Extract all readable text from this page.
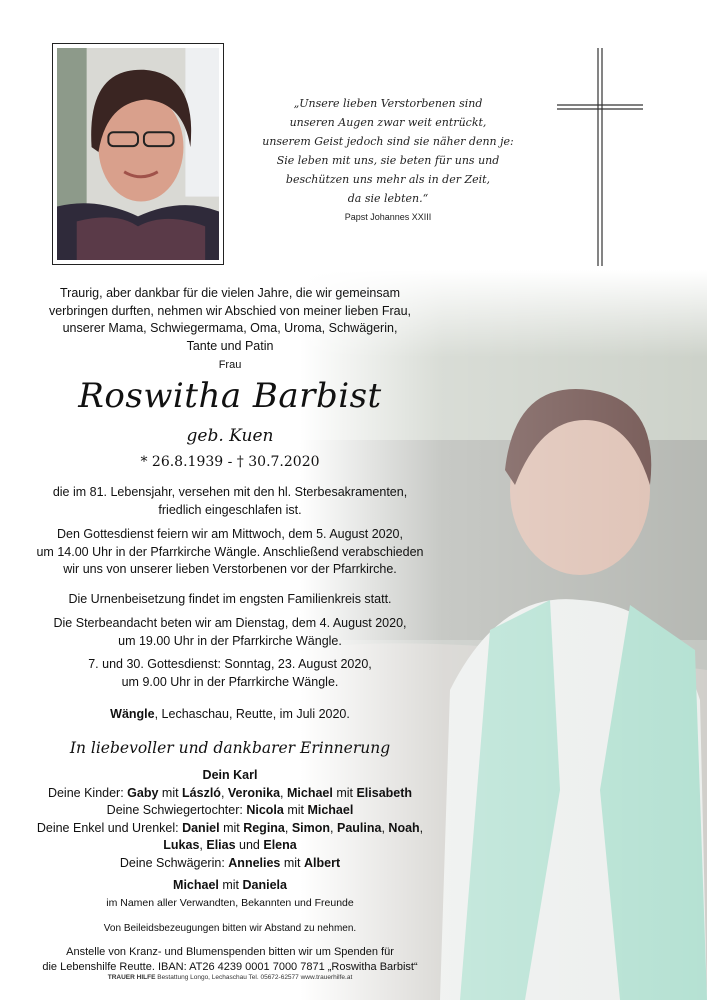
„Unsere lieben Verstorbenen sind
unseren Augen zwar weit entrückt,
unserem Geist jedoch sind sie näher denn je:
Sie leben mit uns, sie beten für uns und
beschützen uns mehr als in der Zeit,
da sie lebten.“
Papst Johannes XXIII
Traurig, aber dankbar für die vielen Jahre, die wir gemeinsam
verbringen durften, nehmen wir Abschied von meiner lieben Frau,
unserer Mama, Schwiegermama, Oma, Uroma, Schwägerin,
Tante und Patin
Frau
Roswitha Barbist
geb. Kuen
* 26.8.1939 - † 30.7.2020
die im 81. Lebensjahr, versehen mit den hl. Sterbesakramenten,
friedlich eingeschlafen ist.
Den Gottesdienst feiern wir am Mittwoch, dem 5. August 2020,
um 14.00 Uhr in der Pfarrkirche Wängle. Anschließend verabschieden
wir uns von unserer lieben Verstorbenen vor der Pfarrkirche.
Die Urnenbeisetzung findet im engsten Familienkreis statt.
Die Sterbeandacht beten wir am Dienstag, dem 4. August 2020,
um 19.00 Uhr in der Pfarrkirche Wängle.
7. und 30. Gottesdienst: Sonntag, 23. August 2020,
um 9.00 Uhr in der Pfarrkirche Wängle.
Wängle, Lechaschau, Reutte, im Juli 2020.
In liebevoller und dankbarer Erinnerung
Dein Karl
Deine Kinder: Gaby mit László, Veronika, Michael mit Elisabeth
Deine Schwiegertochter: Nicola mit Michael
Deine Enkel und Urenkel: Daniel mit Regina, Simon, Paulina, Noah,
Lukas, Elias und Elena
Deine Schwägerin: Annelies mit Albert
Michael mit Daniela
im Namen aller Verwandten, Bekannten und Freunde
Von Beileidsbezeugungen bitten wir Abstand zu nehmen.
Anstelle von Kranz- und Blumenspenden bitten wir um Spenden für
die Lebenshilfe Reutte. IBAN: AT26 4239 0001 7000 7871 „Roswitha Barbist“
TRAUER HILFE Bestattung Longo, Lechaschau Tel. 05672-62577 www.trauerhilfe.at
